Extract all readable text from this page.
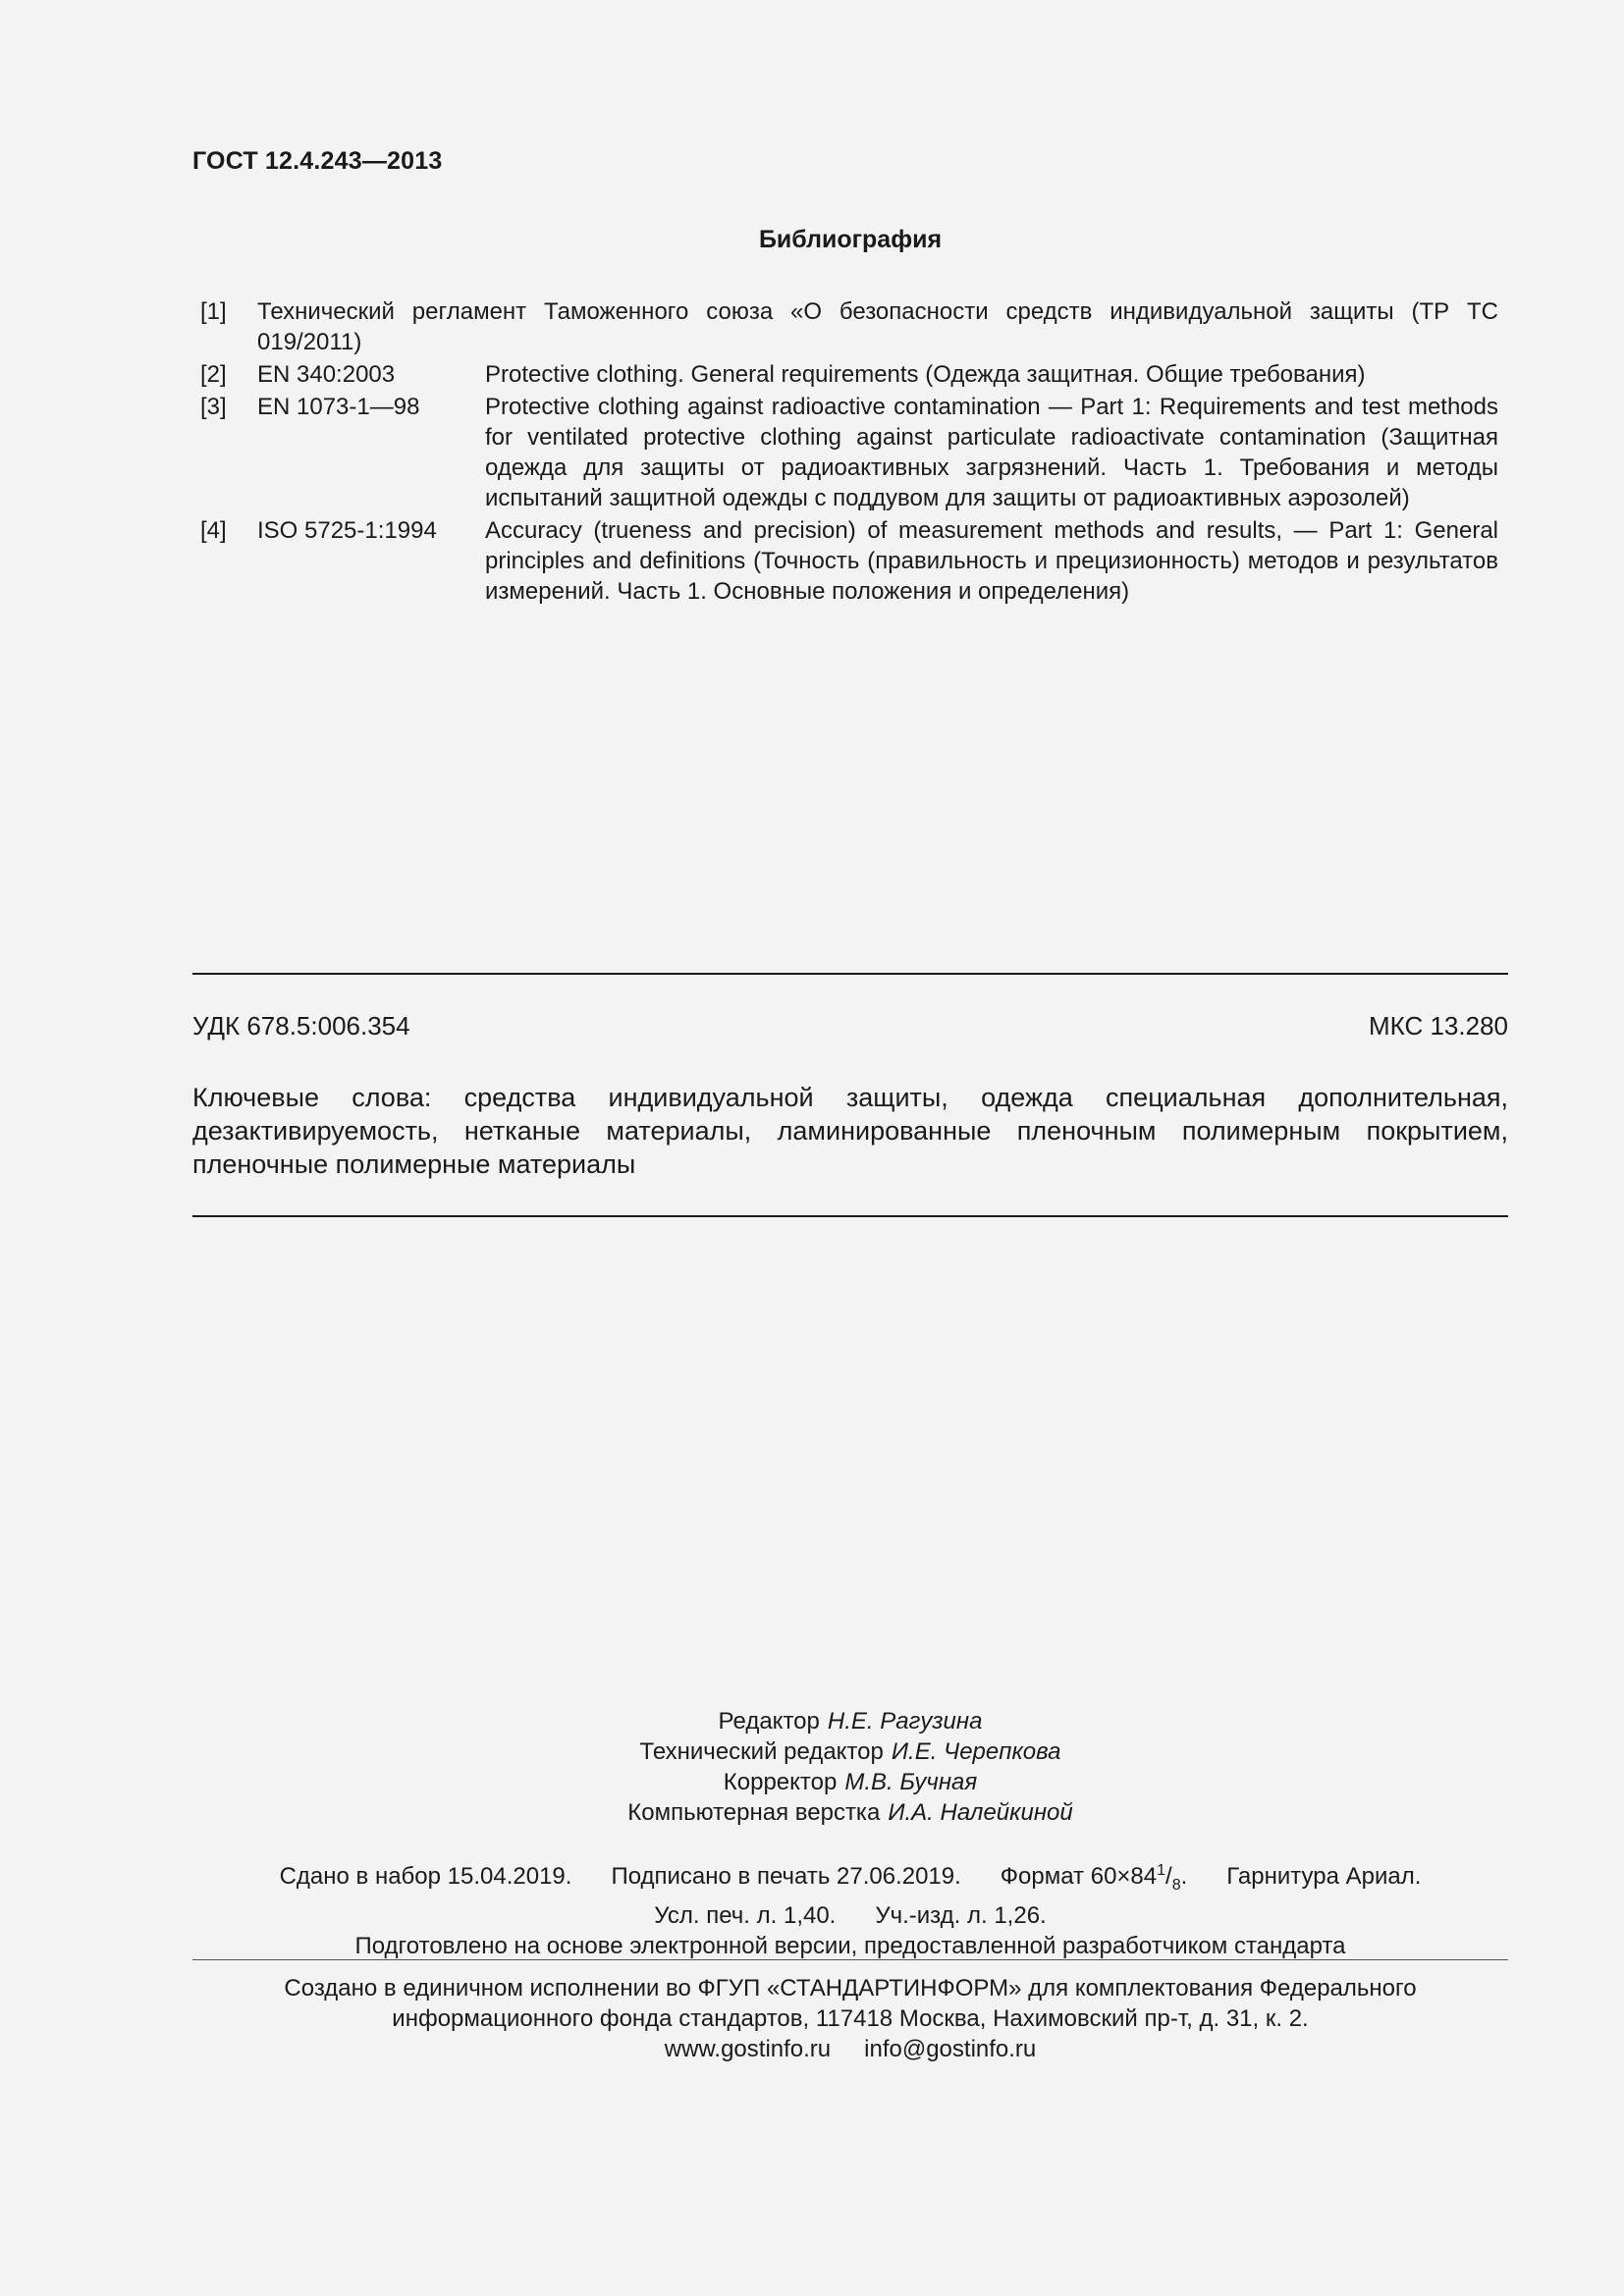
ГОСТ 12.4.243—2013
Библиография
[1]	Технический регламент Таможенного союза «О безопасности средств индивидуальной защиты (ТР ТС 019/2011)
[2]	EN 340:2003	Protective clothing. General requirements (Одежда защитная. Общие требования)
[3]	EN 1073-1—98	Protective clothing against radioactive contamination — Part 1: Requirements and test methods for ventilated protective clothing against particulate radioactivate contamination (Защитная одежда для защиты от радиоактивных загрязнений. Часть 1. Требования и методы испытаний защитной одежды с поддувом для защиты от радиоактивных аэрозолей)
[4]	ISO 5725-1:1994	Accuracy (trueness and precision) of measurement methods and results, — Part 1: General principles and definitions (Точность (правильность и прецизионность) методов и результатов измерений. Часть 1. Основные положения и определения)
УДК 678.5:006.354	МКС 13.280
Ключевые слова: средства индивидуальной защиты, одежда специальная дополнительная, дезактивируемость, нетканые материалы, ламинированные пленочным полимерным покрытием, пленочные полимерные материалы
Редактор Н.Е. Рагузина
Технический редактор И.Е. Черепкова
Корректор М.В. Бучная
Компьютерная верстка И.А. Налейкиной
Сдано в набор 15.04.2019. Подписано в печать 27.06.2019. Формат $60\times 84^1/_8$. Гарнитура Ариал.
Усл. печ. л. 1,40. Уч.-изд. л. 1,26.
Подготовлено на основе электронной версии, предоставленной разработчиком стандарта
Создано в единичном исполнении во ФГУП «СТАНДАРТИНФОРМ» для комплектования Федерального
информационного фонда стандартов, 117418 Москва, Нахимовский пр-т, д. 31, к. 2.
www.gostinfo.ru info@gostinfo.ru
